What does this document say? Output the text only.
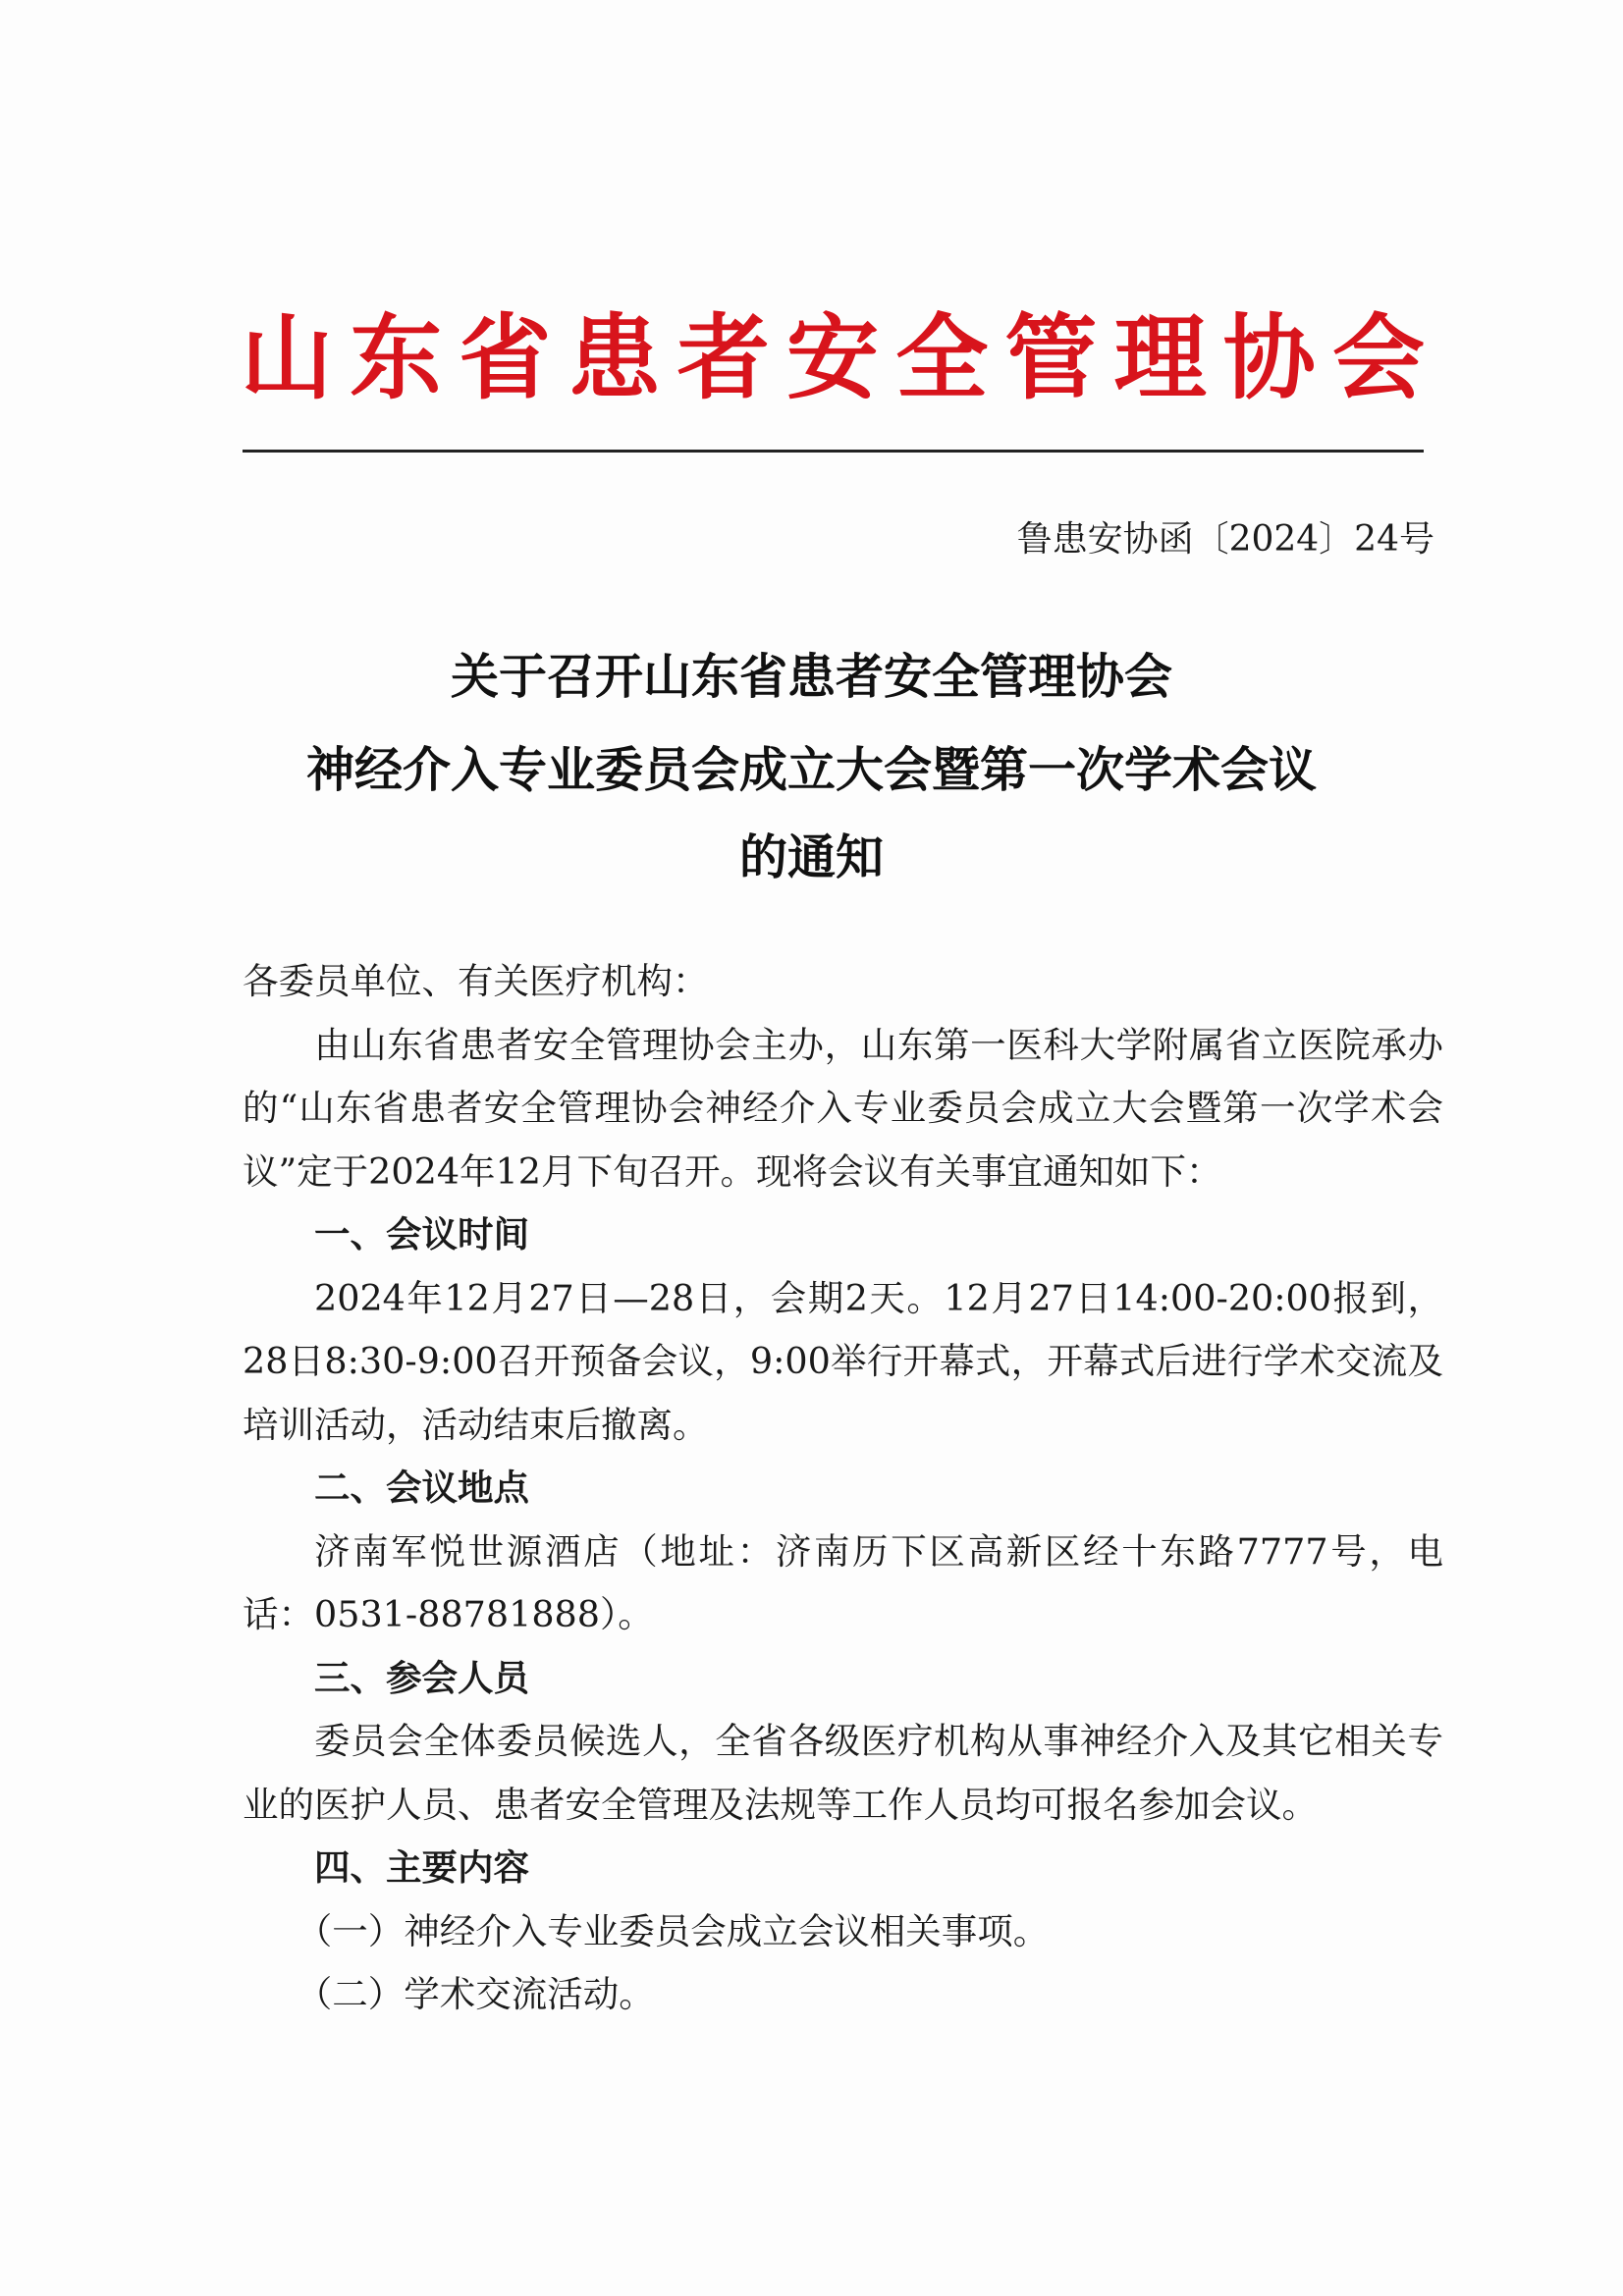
山东省患者安全管理协会
鲁患安协函〔2024〕24号
关于召开山东省患者安全管理协会
神经介入专业委员会成立大会暨第一次学术会议
的通知

各委员单位、有关医疗机构：

由山东省患者安全管理协会主办，山东第一医科大学附属省立医院承办的“山东省患者安全管理协会神经介入专业委员会成立大会暨第一次学术会议”定于2024年12月下旬召开。现将会议有关事宜通知如下：

一、会议时间

2024年12月27日—28日，会期2天。12月27日14:00-20:00报到，28日8:30-9:00召开预备会议，9:00举行开幕式，开幕式后进行学术交流及培训活动，活动结束后撤离。

二、会议地点

济南军悦世源酒店（地址：济南历下区高新区经十东路7777号，电话：0531-88781888）。

三、参会人员

委员会全体委员候选人，全省各级医疗机构从事神经介入及其它相关专业的医护人员、患者安全管理及法规等工作人员均可报名参加会议。

四、主要内容

（一）神经介入专业委员会成立会议相关事项。

（二）学术交流活动。
